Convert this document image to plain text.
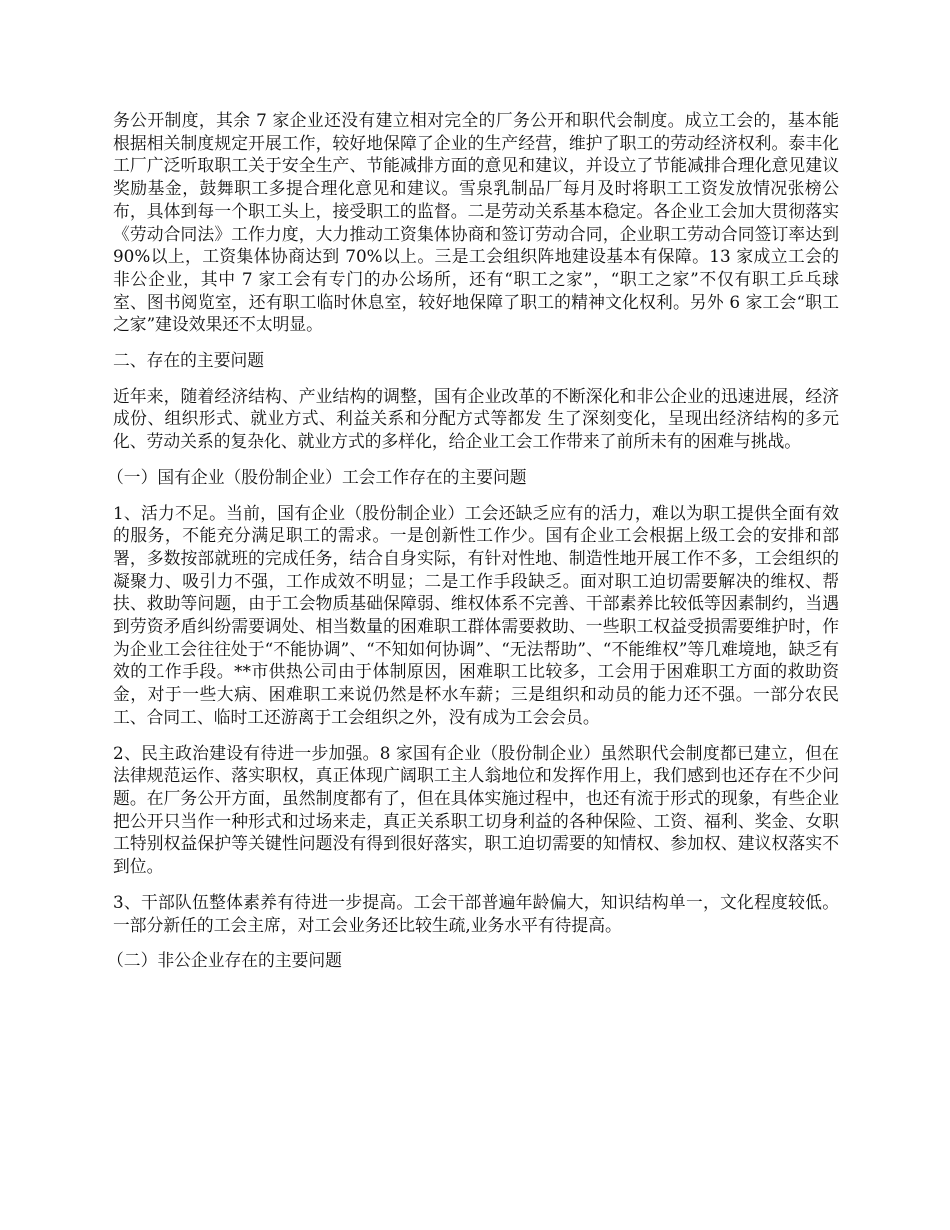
务公开制度，其余 7 家企业还没有建立相对完全的厂务公开和职代会制度。成立工会的，基本能根据相关制度规定开展工作，较好地保障了企业的生产经营，维护了职工的劳动经济权利。泰丰化工厂广泛听取职工关于安全生产、节能减排方面的意见和建议，并设立了节能减排合理化意见建议奖励基金，鼓舞职工多提合理化意见和建议。雪泉乳制品厂每月及时将职工工资发放情况张榜公布，具体到每一个职工头上，接受职工的监督。二是劳动关系基本稳定。各企业工会加大贯彻落实《劳动合同法》工作力度，大力推动工资集体协商和签订劳动合同，企业职工劳动合同签订率达到 90%以上，工资集体协商达到 70%以上。三是工会组织阵地建设基本有保障。13 家成立工会的非公企业，其中 7 家工会有专门的办公场所，还有“职工之家”，“职工之家”不仅有职工乒乓球室、图书阅览室，还有职工临时休息室，较好地保障了职工的精神文化权利。另外 6 家工会“职工之家”建设效果还不太明显。

二、存在的主要问题

近年来，随着经济结构、产业结构的调整，国有企业改革的不断深化和非公企业的迅速进展，经济成份、组织形式、就业方式、利益关系和分配方式等都发 生了深刻变化，呈现出经济结构的多元化、劳动关系的复杂化、就业方式的多样化，给企业工会工作带来了前所未有的困难与挑战。

（一）国有企业（股份制企业）工会工作存在的主要问题

1、活力不足。当前，国有企业（股份制企业）工会还缺乏应有的活力，难以为职工提供全面有效的服务，不能充分满足职工的需求。一是创新性工作少。国有企业工会根据上级工会的安排和部署，多数按部就班的完成任务，结合自身实际，有针对性地、制造性地开展工作不多，工会组织的凝聚力、吸引力不强，工作成效不明显；二是工作手段缺乏。面对职工迫切需要解决的维权、帮扶、救助等问题，由于工会物质基础保障弱、维权体系不完善、干部素养比较低等因素制约，当遇到劳资矛盾纠纷需要调处、相当数量的困难职工群体需要救助、一些职工权益受损需要维护时，作为企业工会往往处于“不能协调”、“不知如何协调”、“无法帮助”、“不能维权”等几难境地，缺乏有效的工作手段。**市供热公司由于体制原因，困难职工比较多，工会用于困难职工方面的救助资金，对于一些大病、困难职工来说仍然是杯水车薪；三是组织和动员的能力还不强。一部分农民工、合同工、临时工还游离于工会组织之外，没有成为工会会员。

2、民主政治建设有待进一步加强。8 家国有企业（股份制企业）虽然职代会制度都已建立，但在法律规范运作、落实职权，真正体现广阔职工主人翁地位和发挥作用上，我们感到也还存在不少问题。在厂务公开方面，虽然制度都有了，但在具体实施过程中，也还有流于形式的现象，有些企业把公开只当作一种形式和过场来走，真正关系职工切身利益的各种保险、工资、福利、奖金、女职工特别权益保护等关键性问题没有得到很好落实，职工迫切需要的知情权、参加权、建议权落实不到位。

3、干部队伍整体素养有待进一步提高。工会干部普遍年龄偏大，知识结构单一，文化程度较低。一部分新任的工会主席，对工会业务还比较生疏,业务水平有待提高。

（二）非公企业存在的主要问题
